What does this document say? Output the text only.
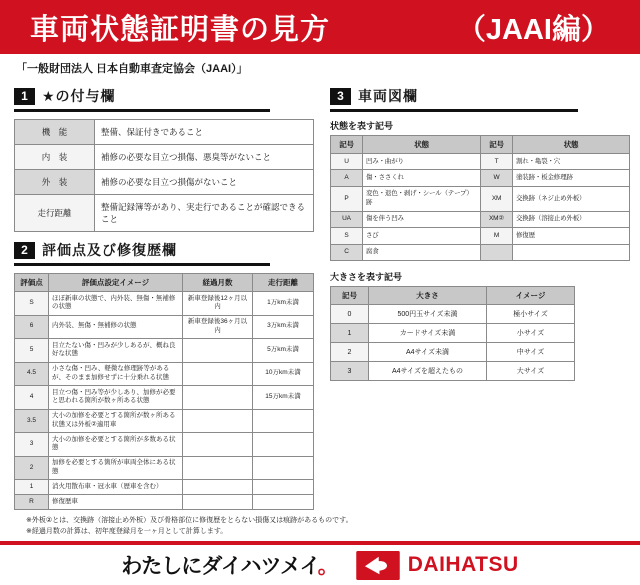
車両状態証明書の見方	（JAAI編）
「一般財団法人 日本自動車査定協会（JAAI）」
1	★の付与欄
機　能	整備、保証付きであること
内　装	補修の必要な目立つ損傷、悪臭等がないこと
外　装	補修の必要な目立つ損傷がないこと
走行距離	整備記録簿等があり、実走行であることが確認できること
2	評価点及び修復歴欄
評価点	評価点設定イメージ	経過月数	走行距離
S	ほぼ新車の状態で、内外装、無傷・無補修の状態	新車登録後12ヶ月以内	1万km未満
6	内外装、無傷・無補修の状態	新車登録後36ヶ月以内	3万km未満
5	目立たない傷・凹みが少しあるが、概ね良好な状態		5万km未満
4.5	小さな傷・凹み、軽微な修理跡等があるが、そのまま加修せずに十分乗れる状態		10万km未満
4	目立つ傷・凹み等が少しあり、加修が必要と思われる箇所が数ヶ所ある状態		15万km未満
3.5	大小の加修を必要とする箇所が数ヶ所ある状態又は外板②適用車		
3	大小の加修を必要とする箇所が多数ある状態		
2	加修を必要とする箇所が車両全体にある状態		
1	消火用散布車・冠水車（歴車を含む）		
R	修復歴車		
3	車両図欄
状態を表す記号
記号	状態	記号	状態
U	凹み・曲がり	T	割れ・亀裂・穴
A	傷・ささくれ	W	塗装跡・板金修理跡
P	変色・退色・剥げ・シール（テープ）跡	XM	交換跡（ネジ止め外板）
UA	傷を伴う凹み	XM②	交換跡（溶接止め外板）
S	さび	M	修復歴
C	腐食		
大きさを表す記号
記号	大きさ	イメージ
0	500円玉サイズ未満	極小サイズ
1	カードサイズ未満	小サイズ
2	A4サイズ未満	中サイズ
3	A4サイズを超えたもの	大サイズ
※外板②とは、交換跡（溶接止め外板）及び骨格部位に修復歴をとらない損傷又は痕跡があるものです。
※経過月数の計算は、初年度登録月を一ヶ月として計算します。
わたしにダイハツメイ。	DAIHATSU
